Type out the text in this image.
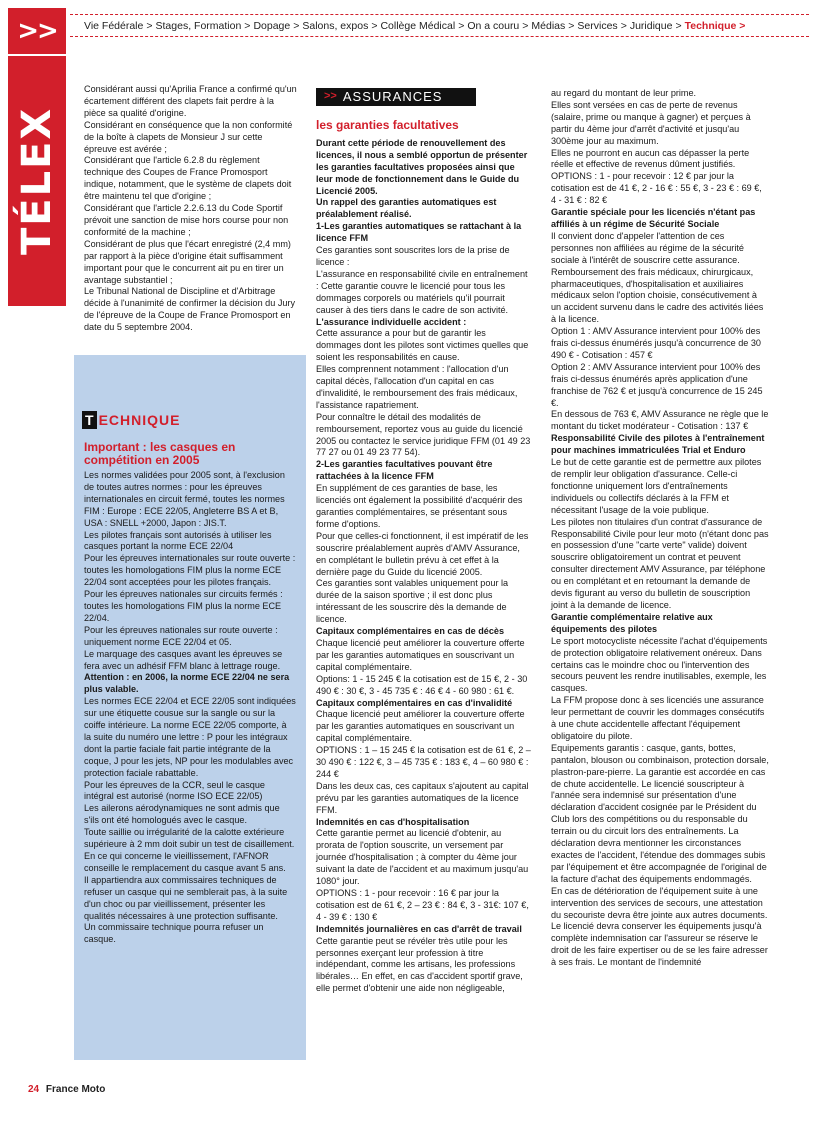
>>
TÉLEX
Vie Fédérale > Stages, Formation > Dopage > Salons, expos > Collège Médical > On a couru > Médias > Services > Juridique > Technique >

Considérant aussi qu'Aprilia France a confirmé qu'un écartement différent des clapets fait perdre à la pièce sa qualité d'origine.

Considérant en conséquence que la non conformité de la boîte à clapets de Monsieur J sur cette épreuve est avérée ;

Considérant que l'article 6.2.8 du règlement technique des Coupes de France Promosport indique, notamment, que le système de clapets doit être maintenu tel que d'origine ;

Considérant que l'article 2.2.6.13 du Code Sportif prévoit une sanction de mise hors course pour non conformité de la machine ;

Considérant de plus que l'écart enregistré (2,4 mm) par rapport à la pièce d'origine était suffisamment important pour que le concurrent ait pu en tirer un avantage substantiel ;

Le Tribunal National de Discipline et d'Arbitrage décide à l'unanimité de confirmer la décision du Jury de l'épreuve de la Coupe de France Promosport en date du 5 septembre 2004.

T ECHNIQUE
Important : les casques en compétition en 2005

Les normes validées pour 2005 sont, à l'exclusion de toutes autres normes : pour les épreuves internationales en circuit fermé, toutes les normes FIM : Europe : ECE 22/05, Angleterre BS A et B, USA : SNELL +2000, Japon : JIS.T.

Les pilotes français sont autorisés à utiliser les casques portant la norme ECE 22/04

Pour les épreuves internationales sur route ouverte : toutes les homologations FIM plus la norme ECE 22/04 sont acceptées pour les pilotes français.

Pour les épreuves nationales sur circuits fermés : toutes les homologations FIM plus la norme ECE 22/04.

Pour les épreuves nationales sur route ouverte : uniquement norme ECE 22/04 et 05.

Le marquage des casques avant les épreuves se fera avec un adhésif FFM blanc à lettrage rouge.

Attention : en 2006, la norme ECE 22/04 ne sera plus valable.

Les normes ECE 22/04 et ECE 22/05 sont indiquées sur une étiquette cousue sur la sangle ou sur la coiffe intérieure. La norme ECE 22/05 comporte, à la suite du numéro une lettre : P pour les intégraux dont la partie faciale fait partie intégrante de la coque, J pour les jets, NP pour les modulables avec protection faciale rabattable.

Pour les épreuves de la CCR, seul le casque intégral est autorisé (norme ISO ECE 22/05)

Les ailerons aérodynamiques ne sont admis que s'ils ont été homologués avec le casque.

Toute saillie ou irrégularité de la calotte extérieure supérieure à 2 mm doit subir un test de cisaillement.

En ce qui concerne le vieillissement, l'AFNOR conseille le remplacement du casque avant 5 ans.

Il appartiendra aux commissaires techniques de refuser un casque qui ne semblerait pas, à la suite d'un choc ou par vieillissement, présenter les qualités nécessaires à une protection suffisante.

Un commissaire technique pourra refuser un casque.

>> ASSURANCES
les garanties facultatives

Durant cette période de renouvellement des licences, il nous a semblé opportun de présenter les garanties facultatives proposées ainsi que leur mode de fonctionnement dans le Guide du Licencié 2005.

Un rappel des garanties automatiques est préalablement réalisé.

1-Les garanties automatiques se rattachant à la licence FFM

Ces garanties sont souscrites lors de la prise de licence :

L'assurance en responsabilité civile en entraînement : Cette garantie couvre le licencié pour tous les dommages corporels ou matériels qu'il pourrait causer à des tiers dans le cadre de son activité.

L'assurance individuelle accident :

Cette assurance a pour but de garantir les dommages dont les pilotes sont victimes quelles que soient les responsabilités en cause.

Elles comprennent notamment : l'allocation d'un capital décès, l'allocation d'un capital en cas d'invalidité, le remboursement des frais médicaux, l'assistance rapatriement.

Pour connaître le détail des modalités de remboursement, reportez vous au guide du licencié 2005 ou contactez le service juridique FFM (01 49 23 77 27 ou 01 49 23 77 54).

2-Les garanties facultatives pouvant être rattachées à la licence FFM

En supplément de ces garanties de base, les licenciés ont également la possibilité d'acquérir des garanties complémentaires, se présentant sous forme d'options.

Pour que celles-ci fonctionnent, il est impératif de les souscrire préalablement auprès d'AMV Assurance, en complétant le bulletin prévu à cet effet à la dernière page du Guide du licencié 2005.

Ces garanties sont valables uniquement pour la durée de la saison sportive ; il est donc plus intéressant de les souscrire dès la demande de licence.

Capitaux complémentaires en cas de décès

Chaque licencié peut améliorer la couverture offerte par les garanties automatiques en souscrivant un capital complémentaire.

Options: 1 - 15 245 € la cotisation est de 15 €, 2 - 30 490 € : 30 €, 3 - 45 735 € : 46 € 4 - 60 980 : 61 €.

Capitaux complémentaires en cas d'invalidité

Chaque licencié peut améliorer la couverture offerte par les garanties automatiques en souscrivant un capital complémentaire.

OPTIONS : 1 – 15 245 € la cotisation est de 61 €, 2 – 30 490 € : 122 €, 3 – 45 735 € : 183 €, 4 – 60 980 € : 244 €

Dans les deux cas, ces capitaux s'ajoutent au capital prévu par les garanties automatiques de la licence FFM.

Indemnités en cas d'hospitalisation

Cette garantie permet au licencié d'obtenir, au prorata de l'option souscrite, un versement par journée d'hospitalisation ; à compter du 4ème jour suivant la date de l'accident et au maximum jusqu'au 1080° jour.

OPTIONS : 1 - pour recevoir : 16 € par jour la cotisation est de 61 €, 2 – 23 € : 84 €, 3 - 31€: 107 €, 4 - 39 € : 130 €

Indemnités journalières en cas d'arrêt de travail

Cette garantie peut se révéler très utile pour les personnes exerçant leur profession à titre indépendant, comme les artisans, les professions libérales… En effet, en cas d'accident sportif grave, elle permet d'obtenir une aide non négligeable,

au regard du montant de leur prime.

Elles sont versées en cas de perte de revenus (salaire, prime ou manque à gagner) et perçues à partir du 4ème jour d'arrêt d'activité et jusqu'au 300ème jour au maximum.

Elles ne pourront en aucun cas dépasser la perte réelle et effective de revenus dûment justifiés.

OPTIONS : 1 - pour recevoir : 12 € par jour la cotisation est de 41 €, 2 - 16 € : 55 €, 3 - 23 € : 69 €, 4 - 31 € : 82 €

Garantie spéciale pour les licenciés n'étant pas affiliés à un régime de Sécurité Sociale

Il convient donc d'appeler l'attention de ces personnes non affiliées au régime de la sécurité sociale à l'intérêt de souscrire cette assurance.

Remboursement des frais médicaux, chirurgicaux, pharmaceutiques, d'hospitalisation et auxiliaires médicaux selon l'option choisie, consécutivement à un accident survenu dans le cadre des activités liées à la licence.

Option 1 : AMV Assurance intervient pour 100% des frais ci-dessus énumérés jusqu'à concurrence de 30 490 € - Cotisation : 457 €

Option 2 : AMV Assurance intervient pour 100% des frais ci-dessus énumérés après application d'une franchise de 762 € et jusqu'à concurrence de 15 245 €.

En dessous de 763 €, AMV Assurance ne règle que le montant du ticket modérateur - Cotisation : 137 €

Responsabilité Civile des pilotes à l'entraînement pour machines immatriculées Trial et Enduro

Le but de cette garantie est de permettre aux pilotes de remplir leur obligation d'assurance. Celle-ci fonctionne uniquement lors d'entraînements individuels ou collectifs déclarés à la FFM et nécessitant l'usage de la voie publique.

Les pilotes non titulaires d'un contrat d'assurance de Responsabilité Civile pour leur moto (n'étant donc pas en possession d'une "carte verte" valide) doivent souscrire obligatoirement un contrat et peuvent consulter directement AMV Assurance, par téléphone ou en complétant et en retournant la demande de devis figurant au verso du bulletin de souscription joint à la demande de licence.

Garantie complémentaire relative aux équipements des pilotes

Le sport motocycliste nécessite l'achat d'équipements de protection obligatoire relativement onéreux. Dans certains cas le moindre choc ou l'intervention des secours peuvent les rendre inutilisables, exemple, les casques.

La FFM propose donc à ses licenciés une assurance leur permettant de couvrir les dommages consécutifs à une chute accidentelle affectant l'équipement obligatoire du pilote.

Equipements garantis : casque, gants, bottes, pantalon, blouson ou combinaison, protection dorsale, plastron-pare-pierre. La garantie est accordée en cas de chute accidentelle. Le licencié souscripteur à l'année sera indemnisé sur présentation d'une déclaration d'accident cosignée par le Président du Club lors des compétitions ou du responsable du terrain ou du circuit lors des entraînements. La déclaration devra mentionner les circonstances exactes de l'accident, l'étendue des dommages subis par l'équipement et être accompagnée de l'original de la facture d'achat des équipements endommagés.

En cas de détérioration de l'équipement suite à une intervention des services de secours, une attestation du secouriste devra être jointe aux autres documents. Le licencié devra conserver les équipements jusqu'à complète indemnisation car l'assureur se réserve le droit de les faire expertiser ou de se les faire adresser à ses frais. Le montant de l'indemnité

24 France Moto
